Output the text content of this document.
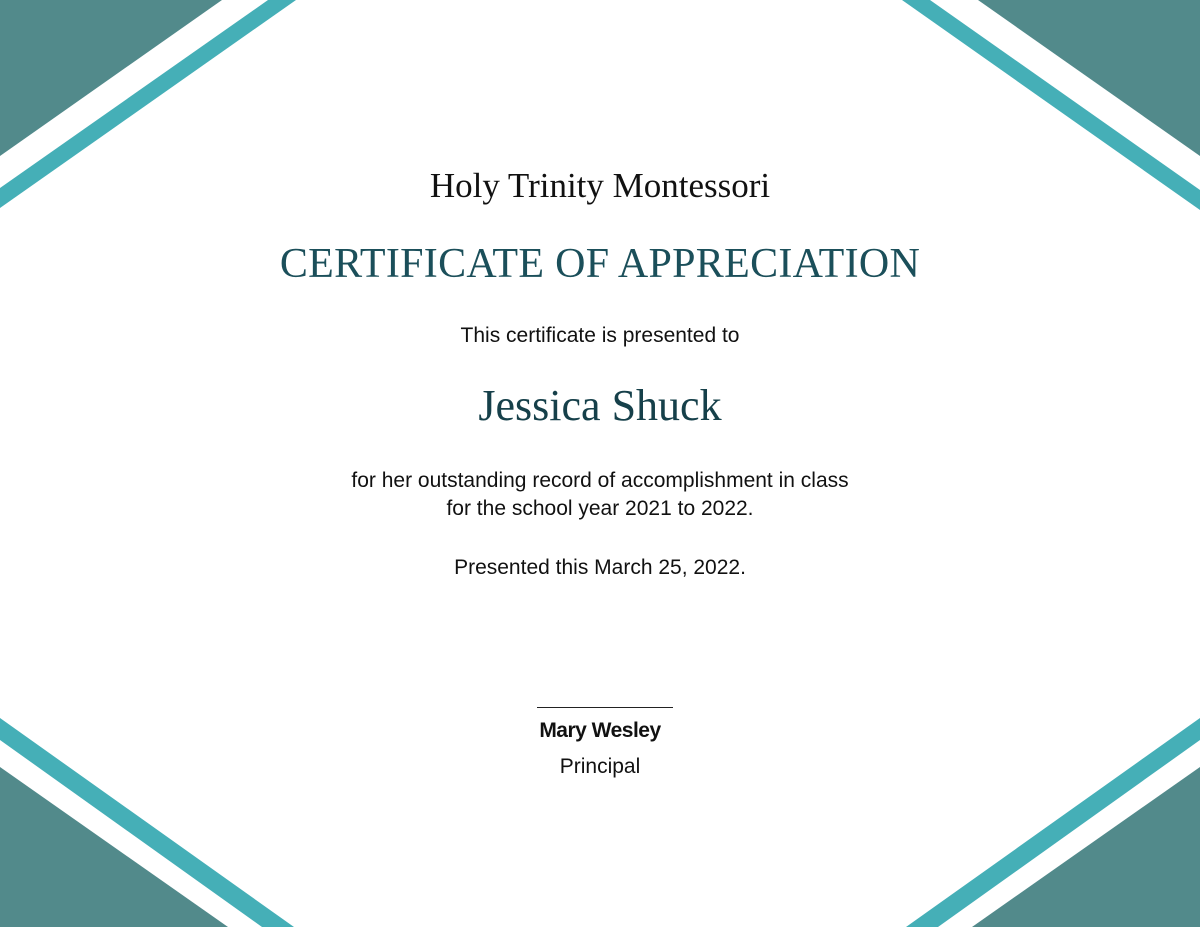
Holy Trinity Montessori
CERTIFICATE OF APPRECIATION
This certificate is presented to
Jessica Shuck
for her outstanding record of accomplishment in class
for the school year 2021 to 2022.
Presented this March 25, 2022.
Mary Wesley
Principal
